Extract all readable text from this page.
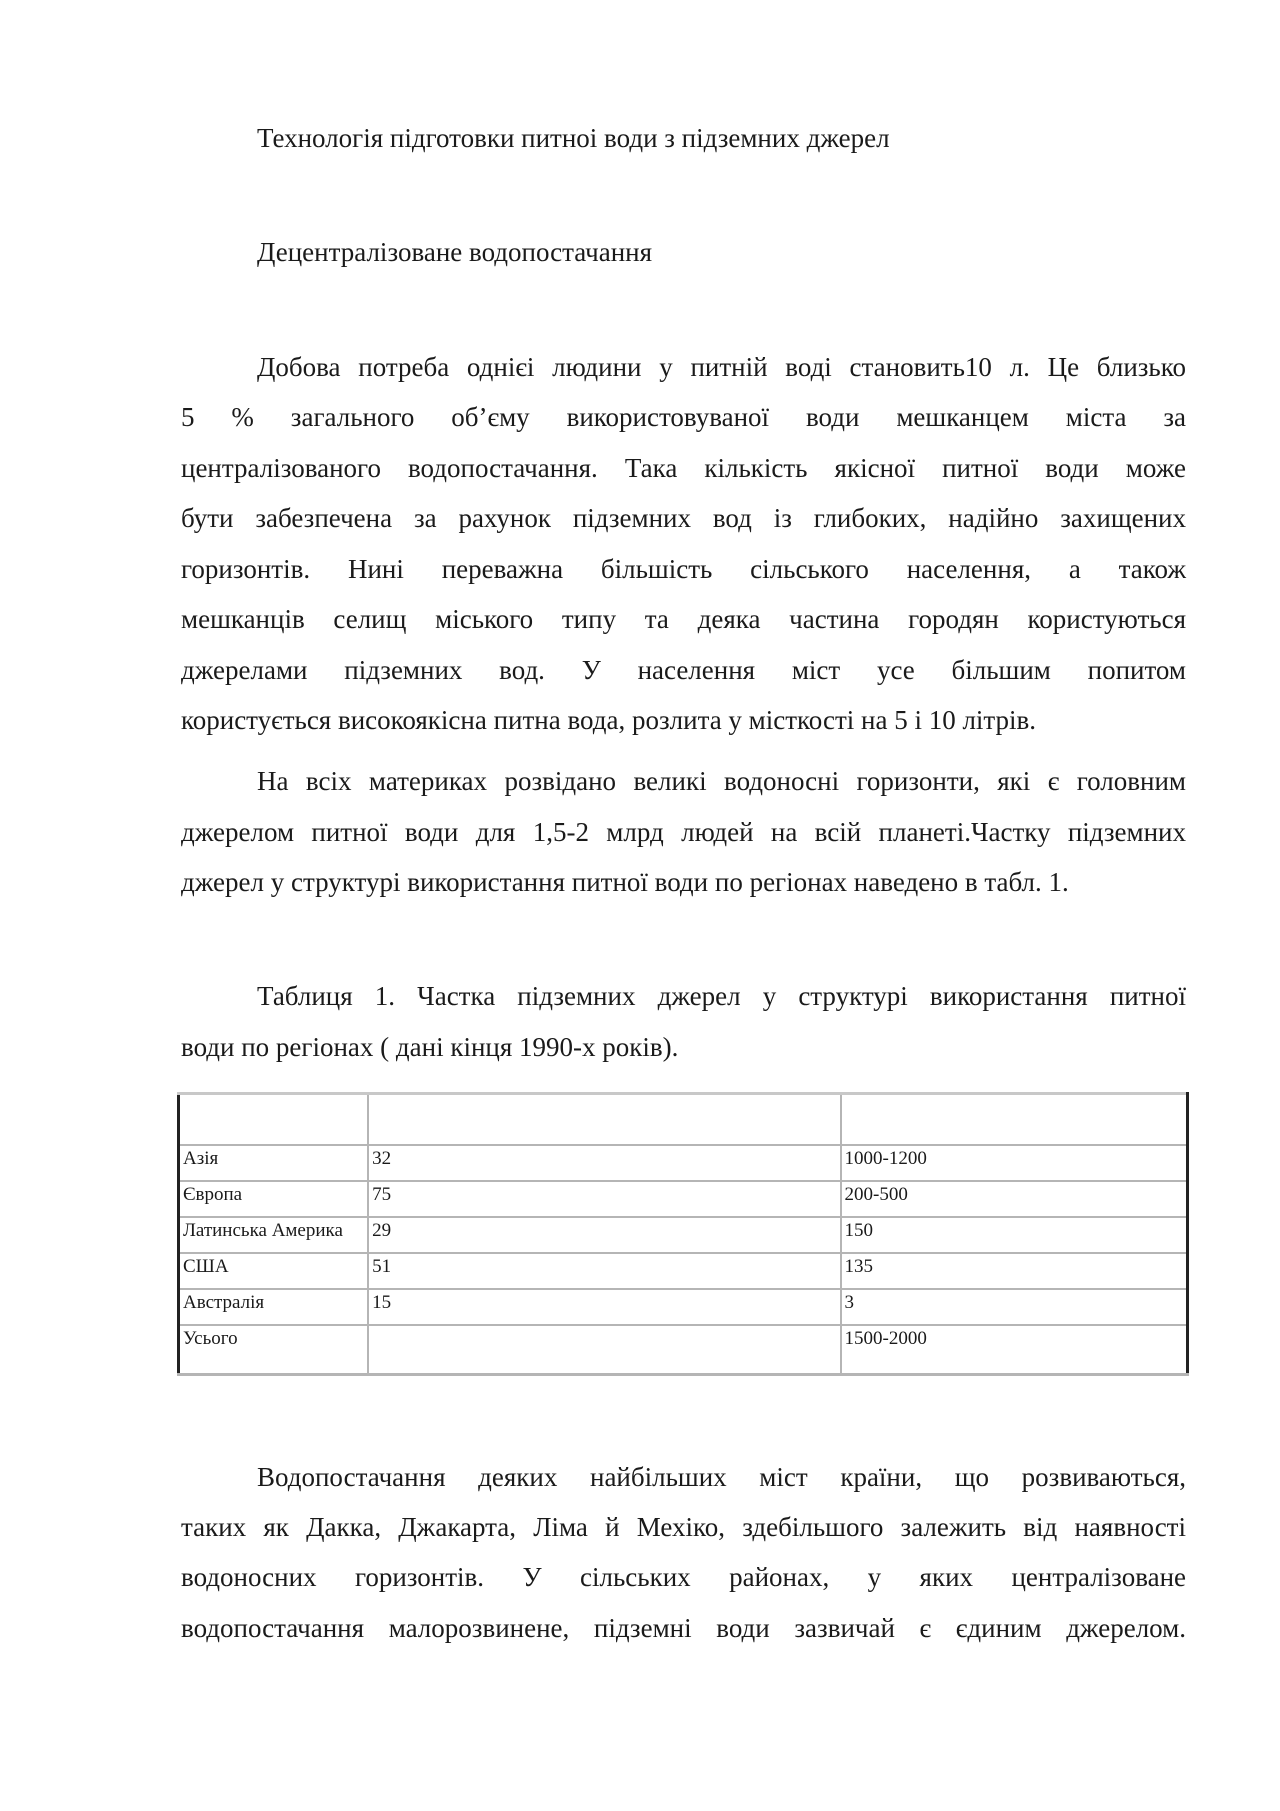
Технологія підготовки питноі води з підземних джерел
Децентралізоване водопостачання
Добова потреба однієі людини у питній воді становить10 л. Це близько
5 % загального об’єму використовуваної води мешканцем міста за
централізованого водопостачання. Така кількість якісної питної води може
бути забезпечена за рахунок підземних вод із глибоких, надійно захищених
горизонтів. Нині переважна більшість сільського населення, а також
мешканців селищ міського типу та деяка частина городян користуються
джерелами підземних вод. У населення міст усе більшим попитом
користується високоякісна питна вода, розлита у місткості на 5 і 10 літрів.
На всіх материках розвідано великі водоносні горизонти, які є головним
джерелом питної води для 1,5-2 млрд людей на всій планеті.Частку підземних
джерел у структурі використання питної води по регіонах наведено в табл. 1.
Таблиця 1. Частка підземних джерел у структурі використання питної
води по регіонах ( дані кінця 1990-х років).

Азія	32	1000-1200
Європа	75	200-500
Латинська Америка	29	150
США	51	135
Австралія	15	3
Усього		1500-2000
Водопостачання деяких найбільших міст країни, що розвиваються,
таких як Дакка, Джакарта, Ліма й Мехіко, здебільшого залежить від наявності
водоносних горизонтів. У сільських районах, у яких централізоване
водопостачання малорозвинене, підземні води зазвичай є єдиним джерелом.
